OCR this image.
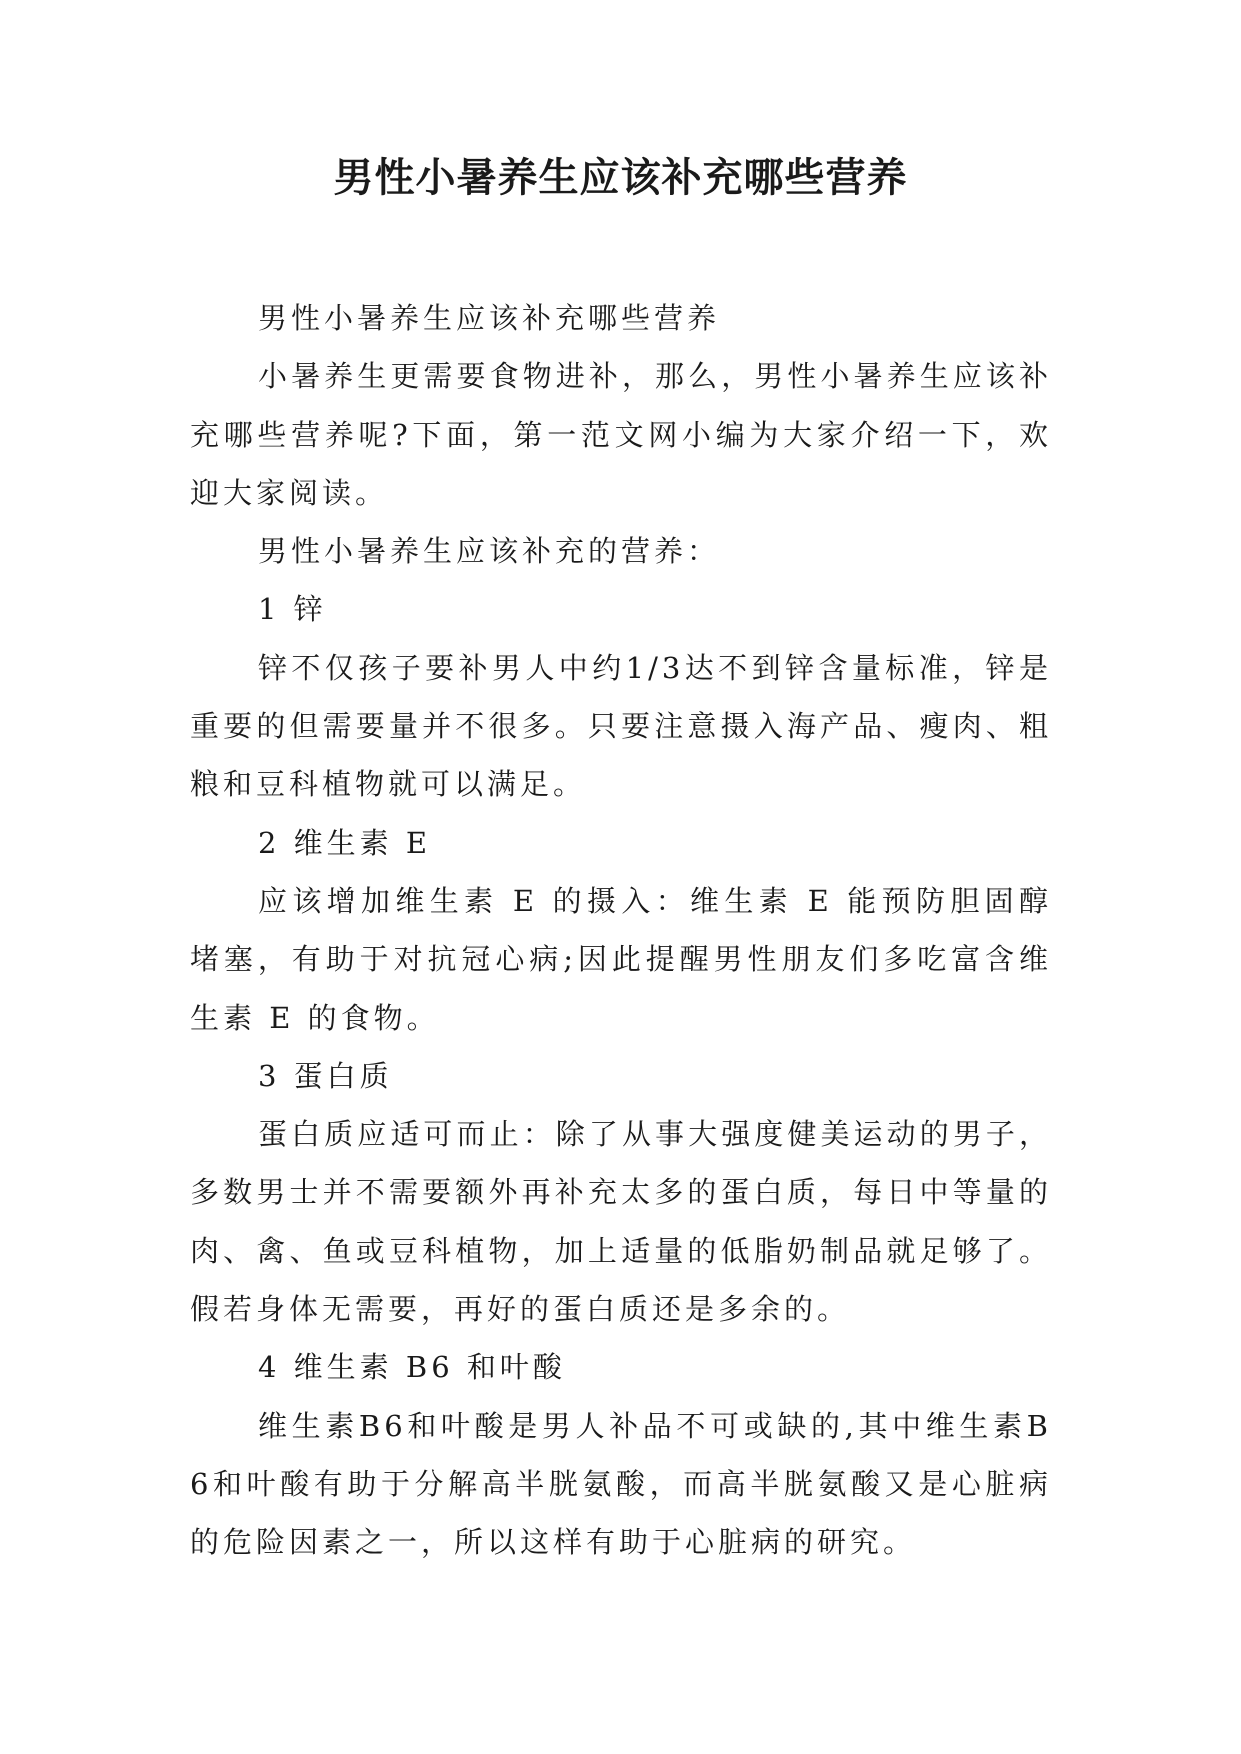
男性小暑养生应该补充哪些营养

男性小暑养生应该补充哪些营养

小暑养生更需要食物进补，那么，男性小暑养生应该补充哪些营养呢?下面，第一范文网小编为大家介绍一下，欢迎大家阅读。

男性小暑养生应该补充的营养：

1 锌

锌不仅孩子要补男人中约1/3达不到锌含量标准，锌是重要的但需要量并不很多。只要注意摄入海产品、瘦肉、粗粮和豆科植物就可以满足。

2 维生素 E

应该增加维生素 E 的摄入：维生素 E 能预防胆固醇堵塞，有助于对抗冠心病;因此提醒男性朋友们多吃富含维生素 E 的食物。

3 蛋白质

蛋白质应适可而止：除了从事大强度健美运动的男子，多数男士并不需要额外再补充太多的蛋白质，每日中等量的肉、禽、鱼或豆科植物，加上适量的低脂奶制品就足够了。假若身体无需要，再好的蛋白质还是多余的。

4 维生素 B6 和叶酸

维生素B6和叶酸是男人补品不可或缺的,其中维生素B6和叶酸有助于分解高半胱氨酸，而高半胱氨酸又是心脏病的危险因素之一，所以这样有助于心脏病的研究。
